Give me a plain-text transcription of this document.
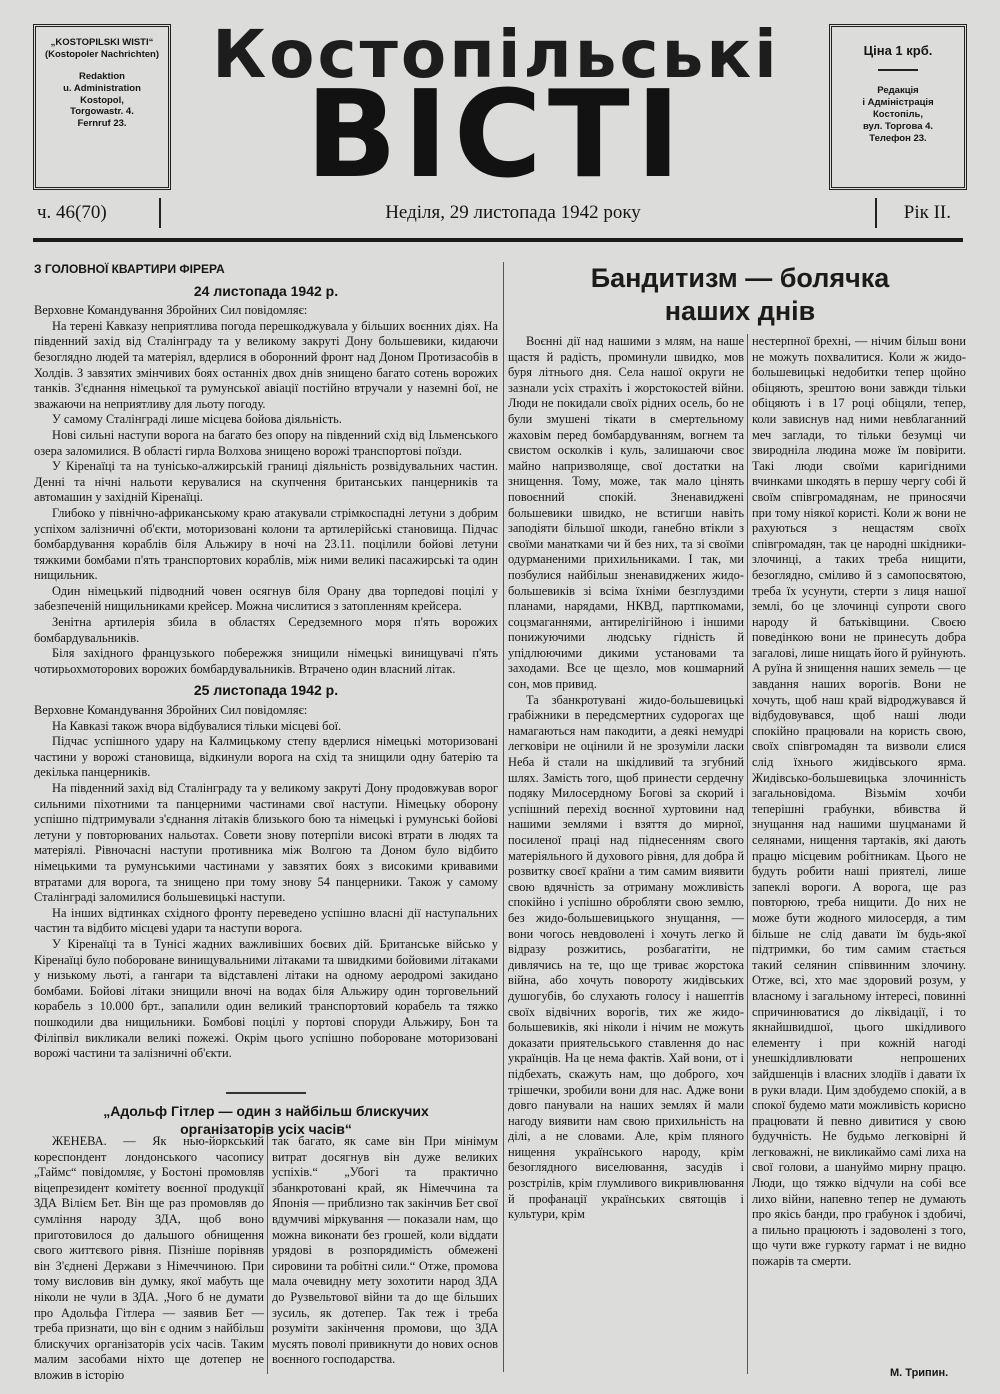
„KOSTOPILSKI WISTI“
(Kostopoler Nachrichten)
Redaktion
u. Administration
Kostopol,
Torgowastr. 4.
Fernruf 23.
Костопільські
ВІСТІ
Ціна 1 крб.
Редакція
і Адміністрація
Костопіль,
вул. Торгова 4.
Телефон 23.
ч. 46(70)	Неділя, 29 листопада 1942 року	Рік II.
З ГОЛОВНОЇ КВАРТИРИ ФІРЕРА
24 листопада 1942 р.

Верховне Командування Збройних Сил повідомляє:

На терені Кавказу неприятлива погода перешкоджувала у більших воєнних діях. На південний захід від Сталінграду та у великому закруті Дону большевики, кидаючи безоглядно людей та матеріял, вдерлися в оборонний фронт над Доном Протизасобів в Холдів. З завзятих змінчивих боях останніх двох днів знищено багато сотень ворожих танків. З'єднання німецької та румунської авіації постійно втручали у наземні бої, не зважаючи на неприятливу для льоту погоду.

У самому Сталінграді лише місцева бойова діяльність.

Нові сильні наступи ворога на багато без опору на південний схід від Ільменського озера заломилися. В області гирла Волхова знищено ворожі транспортові поїзди.

У Кіренаїці та на тунісько-алжирській границі діяльність розвідувальних частин. Денні та нічні нальоти керувалися на скупчення британських панцерників та автомашин у західній Кіренаїці.

Глибоко у північно-африканському краю атакували стрімкоспадні летуни з добрим успіхом залізничні об'єкти, моторизовані колони та артилерійські становища. Підчас бомбардування кораблів біля Альжиру в ночі на 23.11. поцілили бойові летуни тяжкими бомбами п'ять транспортових кораблів, між ними великі пасажирські та один нищильник.

Один німецький підводний човен осягнув біля Орану два торпедові поцілі у забезпеченій нищильниками крейсер. Можна числитися з затопленням крейсера.

Зенітна артилерія збила в областях Середземного моря п'ять ворожих бомбардувальників.

Біля західного французького побережжя знищили німецькі винищувачі п'ять чотирьохмоторових ворожих бомбардувальників. Втрачено один власний літак.

25 листопада 1942 р.

Верховне Командування Збройних Сил повідомляє:

На Кавказі також вчора відбувалися тільки місцеві бої.

Підчас успішного удару на Калмицькому степу вдерлися німецькі моторизовані частини у ворожі становища, відкинули ворога на схід та знищили одну батерію та декілька панцерників.

На південний захід від Сталінграду та у великому закруті Дону продовжував ворог сильними піхотними та панцерними частинами свої наступи. Німецьку оборону успішно підтримували з'єднання літаків близького бою та німецькі і румунські бойові летуни у повторюваних нальотах. Совети знову потерпіли високі втрати в людях та матеріялі. Рівночасні наступи противника між Волгою та Доном було відбито німецькими та румунськими частинами у завзятих боях з високими кривавими втратами для ворога, та знищено при тому знову 54 панцерники. Також у самому Сталінграді заломилися большевицькі наступи.

На інших відтинках східного фронту переведено успішно власні дії наступальних частин та відбито місцеві удари та наступи ворога.

У Кіренаїці та в Тунісі жадних важливіших боєвих дій. Британське військо у Кіренаїці було побороване винищувальними літаками та швидкими бойовими літаками у низькому льоті, а гангари та відставлені літаки на одному аеродромі закидано бомбами. Бойові літаки знищили вночі на водах біля Альжиру один торговельний корабель з 10.000 брт., запалили один великий транспортовий корабель та тяжко пошкодили два нищильники. Бомбові поцілі у портові споруди Альжиру, Бон та Філіпвіл викликали великі пожежі. Окрім цього успішно побороване моторизовані ворожі частини та залізничні об'єкти.

„Адольф Гітлер — один з найбільш блискучих
організаторів усіх часів“

ЖЕНЕВА. — Як нью-йоркський кореспондент лондонського часопису „Таймс“ повідомляє, у Бостоні промовляв віцепрезидент комітету воєнної продукції ЗДА Вілієм Бет. Він ще раз промовляв до сумління народу ЗДА, щоб воно приготовилося до дальшого обнищення свого життєвого рівня. Пізніше порівняв він З'єднені Держави з Німеччиною. При тому висловив він думку, якої мабуть ще ніколи не чули в ЗДА. „Чого б не думати про Адольфа Гітлера — заявив Бет — треба признати, що він є одним з найбільш блискучих організаторів усіх часів. Таким малим засобами ніхто ще дотепер не вложив в історію

так багато, як саме він При мінімум витрат досягнув він дуже великих успіхів.“ „Убогі та практично збанкротовані край, як Німеччина та Японія — приблизно так закінчив Бет свої вдумчиві міркування — показали нам, що можна виконати без грошей, коли віддати урядові в розпорядимість обмежені сировини та робітні сили.“ Отже, промова мала очевидну мету зохотити народ ЗДА до Рузвельтової війни та до ще більших зусиль, як дотепер. Так теж і треба розуміти закінчення промови, що ЗДА мусять поволі привикнути до нових основ воєнного господарства.

Бандитизм — болячка
наших днів

Воєнні дії над нашими з млям, на наше щастя й радість, проминули швидко, мов буря літнього дня. Села нашої округи не зазнали усіх страхіть і жорстокостей війни. Люди не покидали своїх рідних осель, бо не були змушені тікати в смертельному жаховім перед бомбардуванням, вогнем та свистом осколків і куль, залишаючи своє майно напризволяще, свої достатки на знищення. Тому, може, так мало цінять повоєнний спокій. Зненавиджені большевики швидко, не встигши навіть заподіяти більшої шкоди, ганебно втікли з своїми манатками чи й без них, та зі своїми одурманеними прихильниками. І так, ми позбулися найбільш зненавиджених жидо-большевиків зі всіма їхніми безглуздими планами, нарядами, НКВД, партпкомами, соцзмаганнями, антирелігійною і іншими понижуючими людську гідність й упідлюючими дикими установами та заходами. Все це щезло, мов кошмарний сон, мов привид.

Та збанкротувані жидо-большевицькі грабіжники в передсмертних судорогах ще намагаються нам пакодити, а деякі немудрі легковіри не оцінили й не зрозуміли ласки Неба й стали на шкідливий та згубний шлях. Замість того, щоб принести сердечну подяку Милосердному Богові за скорий і успішний перехід воєнної хуртовини над нашими землями і взяття до мирної, посиленої праці над піднесенням свого матеріяльного й духового рівня, для добра й розвитку своєї країни а тим самим виявити свою вдячність за отриману можливість спокійно і успішно обробляти свою землю, без жидо-большевицького знущання, — вони чогось невдоволені і хочуть легко й відразу розжитись, розбагатіти, не дивлячись на те, що ще триває жорстока війна, або хочуть повороту жидівських душогубів, бо слухають голосу і нашептів своїх відвічних ворогів, тих же жидо-большевиків, які ніколи і нічим не можуть доказати приятельського ставлення до нас українців. На це нема фактів. Хай вони, от і підбехать, скажуть нам, що доброго, хоч трішечки, зробили вони для нас. Адже вони довго панували на наших землях й мали нагоду виявити нам свою прихильність на ділі, а не словами. Але, крім пляного нищення українського народу, крім безоглядного виселювання, засудів і розстрілів, крім глумливого викривлювання й профанації українських святощів і культури, крім

нестерпної брехні, — нічим більш вони не можуть похвалитися. Коли ж жидо-большевицькі недобитки тепер щойно обіцяють, зрештою вони завжди тільки обіцяють і в 17 році обіцяли, тепер, коли зависнув над ними невблаганний меч заглади, то тільки безумці чи звироднілa людина може їм повірити. Такі люди своїми каригідними вчинками шкодять в першу чергу собі й своїм співгромадянам, не приносячи при тому ніякої користі. Коли ж вони не рахуються з нещастям своїх співгромадян, так це народні шкідники-злочинці, а таких треба нищити, безоглядно, сміливо й з самопосвятою, треба їх усунути, стерти з лиця нашої землі, бо це злочинці супроти свого народу й батьківщини. Своєю поведінкою вони не принесуть добра загалові, лише нищать його й руйнують. А руїна й знищення наших земель — це завдання наших ворогів. Вони не хочуть, щоб наш край відроджувався й відбудовувався, щоб наші люди спокійно працювали на користь свою, своїх співгромадян та визволи єлися слід їхнього жидівського ярма. Жидівсько-большевицька злочинність загальновідома. Візьмім хочби теперішні грабунки, вбивства й знущання над нашими шуцманами й селянами, нищення тартаків, які дають працю місцевим робітникам. Цього не будуть робити наші приятелі, лише запеклі вороги. А ворога, ще раз повторюю, треба нищити. До них не може бути жодного милосердя, а тим більше не слід давати їм будь-якої підтримки, бо тим самим стається такий селянин співвинним злочину. Отже, всі, хто має здоровий розум, у власному і загальному інтересі, повинні спричинюватися до ліквідації, і то якнайшвидшої, цього шкідливого елементу і при кожній нагоді унешкідливлювати непрошених зайдшенців і власних злодіїв і давати їх в руки влади. Цим здобудемо спокій, а в спокої будемо мати можливість корисно працювати й певно дивитися у свою будучність. Не будьмо легковірні й легковажні, не викликаймо самі лиха на свої голови, а шануймо мирну працю. Люди, що тяжко відчули на собі все лихо війни, напевно тепер не думають про якісь банди, про грабунок і здобичі, а пильно працюють і задоволені з того, що чути вже гуркоту гармат і не видно пожарів та смерти.

М. Трипин.
